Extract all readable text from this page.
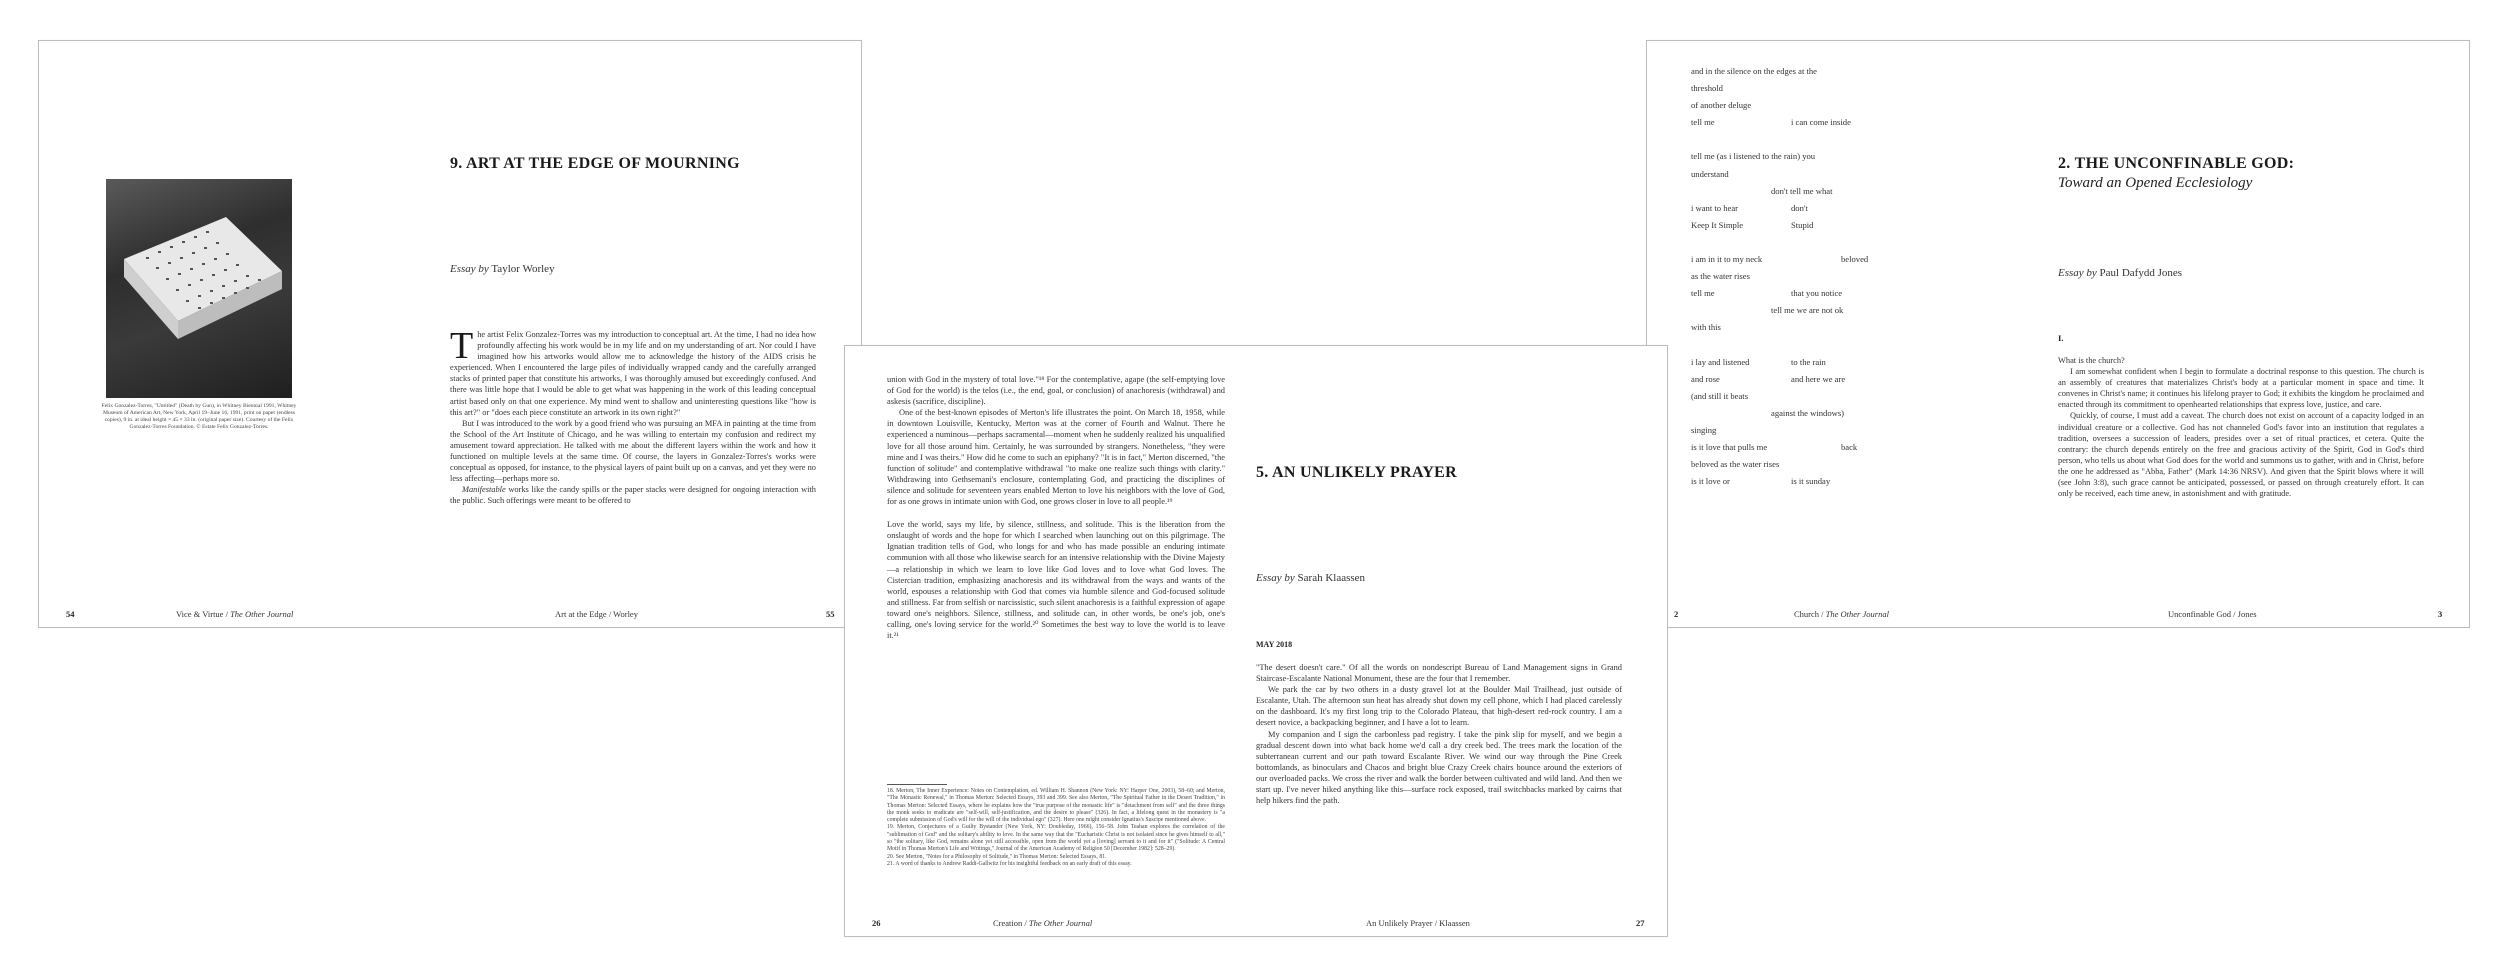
Felix Gonzalez-Torres, "Untitled" (Death by Gun), in Whitney Biennial 1991, Whitney Museum of American Art, New York, April 19–June 16, 1991, print on paper (endless copies), 9 in. at ideal height × 45 × 33 in. (original paper size). Courtesy of the Felix Gonzalez-Torres Foundation. © Estate Felix Gonzalez-Torres.
54	Vice & Virtue / The Other Journal
9. ART AT THE EDGE OF MOURNING
Essay by Taylor Worley

The artist Felix Gonzalez-Torres was my introduction to conceptual art. At the time, I had no idea how profoundly affecting his work would be in my life and on my understanding of art. Nor could I have imagined how his artworks would allow me to acknowledge the history of the AIDS crisis he experienced. When I encountered the large piles of individually wrapped candy and the carefully arranged stacks of printed paper that constitute his artworks, I was thoroughly amused but exceedingly confused. And there was little hope that I would be able to get what was happening in the work of this leading conceptual artist based only on that one experience. My mind went to shallow and uninteresting questions like "how is this art?" or "does each piece constitute an artwork in its own right?"

But I was introduced to the work by a good friend who was pursuing an MFA in painting at the time from the School of the Art Institute of Chicago, and he was willing to entertain my confusion and redirect my amusement toward appreciation. He talked with me about the different layers within the work and how it functioned on multiple levels at the same time. Of course, the layers in Gonzalez-Torres's works were conceptual as opposed, for instance, to the physical layers of paint built up on a canvas, and yet they were no less affecting—perhaps more so.

Manifestable works like the candy spills or the paper stacks were designed for ongoing interaction with the public. Such offerings were meant to be offered to

Art at the Edge / Worley	55
and in the silence on the edges at the
threshold
of another deluge
tell me	i can come inside
tell me (as i listened to the rain) you
understand
don't tell me what
i want to hear	don't
Keep It Simple	Stupid
i am in it to my neck	beloved
as the water rises
tell me	that you notice
tell me we are not ok
with this
i lay and listened	to the rain
and rose	and here we are
(and still it beats
against the windows)
singing
is it love that pulls me	back
beloved as the water rises
is it love or	is it sunday
2	Church / The Other Journal
2. THE UNCONFINABLE GOD:
Toward an Opened Ecclesiology
Essay by Paul Dafydd Jones
I.

What is the church?

I am somewhat confident when I begin to formulate a doctrinal response to this question. The church is an assembly of creatures that materializes Christ's body at a particular moment in space and time. It convenes in Christ's name; it continues his lifelong prayer to God; it exhibits the kingdom he proclaimed and enacted through its commitment to openhearted relationships that express love, justice, and care.

Quickly, of course, I must add a caveat. The church does not exist on account of a capacity lodged in an individual creature or a collective. God has not channeled God's favor into an institution that regulates a tradition, oversees a succession of leaders, presides over a set of ritual practices, et cetera. Quite the contrary: the church depends entirely on the free and gracious activity of the Spirit, God in God's third person, who tells us about what God does for the world and summons us to gather, with and in Christ, before the one he addressed as "Abba, Father" (Mark 14:36 NRSV). And given that the Spirit blows where it will (see John 3:8), such grace cannot be anticipated, possessed, or passed on through creaturely effort. It can only be received, each time anew, in astonishment and with gratitude.

Unconfinable God / Jones	3

union with God in the mystery of total love."¹⁸ For the contemplative, agape (the self-emptying love of God for the world) is the telos (i.e., the end, goal, or conclusion) of anachoresis (withdrawal) and askesis (sacrifice, discipline).

One of the best-known episodes of Merton's life illustrates the point. On March 18, 1958, while in downtown Louisville, Kentucky, Merton was at the corner of Fourth and Walnut. There he experienced a numinous—perhaps sacramental—moment when he suddenly realized his unqualified love for all those around him. Certainly, he was surrounded by strangers. Nonetheless, "they were mine and I was theirs." How did he come to such an epiphany? "It is in fact," Merton discerned, "the function of solitude" and contemplative withdrawal "to make one realize such things with clarity." Withdrawing into Gethsemani's enclosure, contemplating God, and practicing the disciplines of silence and solitude for seventeen years enabled Merton to love his neighbors with the love of God, for as one grows in intimate union with God, one grows closer in love to all people.¹⁹

Love the world, says my life, by silence, stillness, and solitude. This is the liberation from the onslaught of words and the hope for which I searched when launching out on this pilgrimage. The Ignatian tradition tells of God, who longs for and who has made possible an enduring intimate communion with all those who likewise search for an intensive relationship with the Divine Majesty—a relationship in which we learn to love like God loves and to love what God loves. The Cistercian tradition, emphasizing anachoresis and its withdrawal from the ways and wants of the world, espouses a relationship with God that comes via humble silence and God-focused solitude and stillness. Far from selfish or narcissistic, such silent anachoresis is a faithful expression of agape toward one's neighbors. Silence, stillness, and solitude can, in other words, be one's job, one's calling, one's loving service for the world.²⁰ Sometimes the best way to love the world is to leave it.²¹

18. Merton, The Inner Experience: Notes on Contemplation, ed. William H. Shannon (New York: NY: Harper One, 2003), 58–60; and Merton, "The Monastic Renewal," in Thomas Merton: Selected Essays, 393 and 399. See also Merton, "The Spiritual Father in the Desert Tradition," in Thomas Merton: Selected Essays, where he explains how the "true purpose of the monastic life" is "detachment from self" and the three things the monk seeks to eradicate are "self-will, self-justification, and the desire to please" (326). In fact, a lifelong quest in the monastery is "a complete submission of God's will for the will of the individual ego" (327). Here one might consider Ignatius's Suscipe mentioned above.
19. Merton, Conjectures of a Guilty Bystander (New York, NY: Doubleday, 1966), 156–58. John Teahan explores the correlation of the "sublimation of God" and the solitary's ability to love. In the same way that the "Eucharistic Christ is not isolated since he gives himself to all," so "the solitary, like God, remains alone yet still accessible, open from the world yet a [loving] servant to it and for it" ("Solitude: A Central Motif in Thomas Merton's Life and Writings," Journal of the American Academy of Religion 50 [December 1982]: 528–29).
20. See Merton, "Notes for a Philosophy of Solitude," in Thomas Merton: Selected Essays, 81.
21. A word of thanks to Andrew Raddi-Gallwitz for his insightful feedback on an early draft of this essay.
26	Creation / The Other Journal
5. AN UNLIKELY PRAYER
Essay by Sarah Klaassen
MAY 2018

"The desert doesn't care." Of all the words on nondescript Bureau of Land Management signs in Grand Staircase-Escalante National Monument, these are the four that I remember.

We park the car by two others in a dusty gravel lot at the Boulder Mail Trailhead, just outside of Escalante, Utah. The afternoon sun heat has already shut down my cell phone, which I had placed carelessly on the dashboard. It's my first long trip to the Colorado Plateau, that high-desert red-rock country. I am a desert novice, a backpacking beginner, and I have a lot to learn.

My companion and I sign the carbonless pad registry. I take the pink slip for myself, and we begin a gradual descent down into what back home we'd call a dry creek bed. The trees mark the location of the subterranean current and our path toward Escalante River. We wind our way through the Pine Creek bottomlands, as binoculars and Chacos and bright blue Crazy Creek chairs bounce around the exteriors of our overloaded packs. We cross the river and walk the border between cultivated and wild land. And then we start up. I've never hiked anything like this—surface rock exposed, trail switchbacks marked by cairns that help hikers find the path.

An Unlikely Prayer / Klaassen	27
